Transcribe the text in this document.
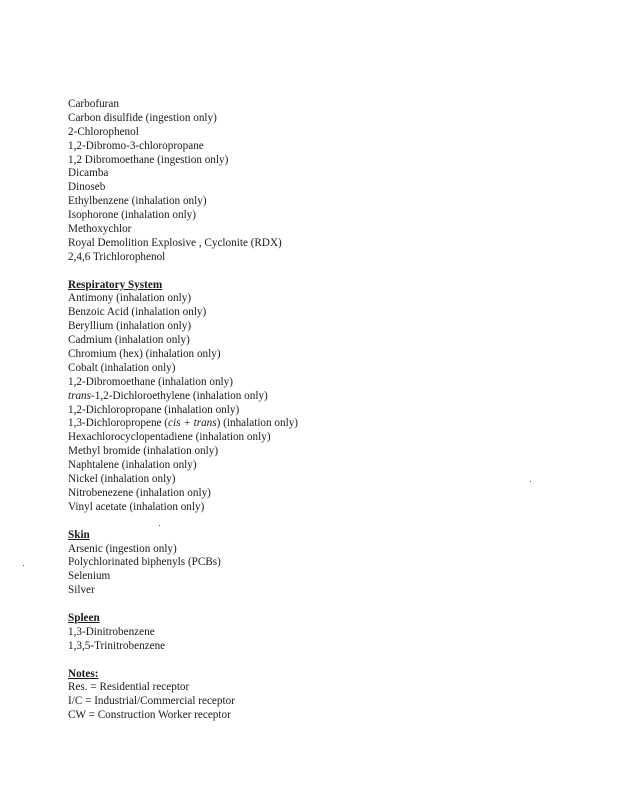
Carbofuran
Carbon disulfide (ingestion only)
2-Chlorophenol
1,2-Dibromo-3-chloropropane
1,2 Dibromoethane (ingestion only)
Dicamba
Dinoseb
Ethylbenzene (inhalation only)
Isophorone (inhalation only)
Methoxychlor
Royal Demolition Explosive , Cyclonite (RDX)
2,4,6 Trichlorophenol
Respiratory System
Antimony (inhalation only)
Benzoic Acid (inhalation only)
Beryllium (inhalation only)
Cadmium (inhalation only)
Chromium (hex) (inhalation only)
Cobalt (inhalation only)
1,2-Dibromoethane (inhalation only)
trans-1,2-Dichloroethylene (inhalation only)
1,2-Dichloropropane (inhalation only)
1,3-Dichloropropene (cis + trans) (inhalation only)
Hexachlorocyclopentadiene (inhalation only)
Methyl bromide (inhalation only)
Naphtalene (inhalation only)
Nickel (inhalation only)
Nitrobenezene (inhalation only)
Vinyl acetate (inhalation only)
Skin
Arsenic (ingestion only)
Polychlorinated biphenyls (PCBs)
Selenium
Silver
Spleen
1,3-Dinitrobenzene
1,3,5-Trinitrobenzene
Notes:
Res. = Residential receptor
I/C = Industrial/Commercial receptor
CW = Construction Worker receptor
